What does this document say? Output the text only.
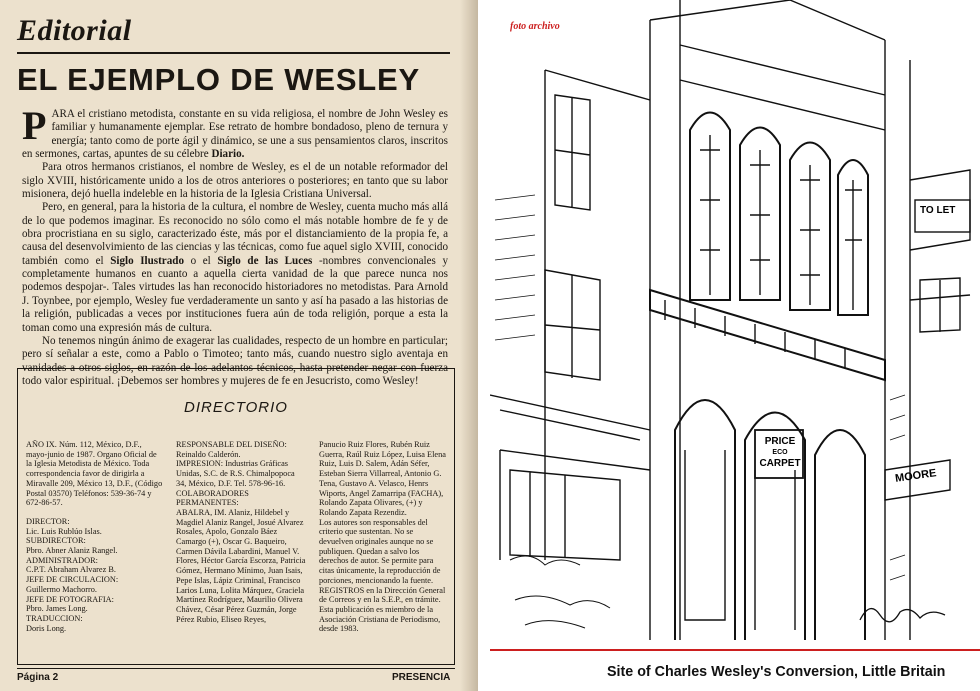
Editorial
EL EJEMPLO DE WESLEY

PARA el cristiano metodista, constante en su vida religiosa, el nombre de John Wesley es familiar y humanamente ejemplar. Ese retrato de hombre bondadoso, pleno de ternura y energía; tanto como de porte ágil y dinámico, se une a sus pensamientos claros, inscritos en sermones, cartas, apuntes de su célebre Diario.

Para otros hermanos cristianos, el nombre de Wesley, es el de un notable reformador del siglo XVIII, históricamente unido a los de otros anteriores o posteriores; en tanto que su labor misionera, dejó huella indeleble en la historia de la Iglesia Cristiana Universal.

Pero, en general, para la historia de la cultura, el nombre de Wesley, cuenta mucho más allá de lo que podemos imaginar. Es reconocido no sólo como el más notable hombre de fe y de obra procristiana en su siglo, caracterizado éste, más por el distanciamiento de la propia fe, a causa del desenvolvimiento de las ciencias y las técnicas, como fue aquel siglo XVIII, conocido también como el Siglo Ilustrado o el Siglo de las Luces -nombres convencionales y completamente humanos en cuanto a aquella cierta vanidad de la que parece nunca nos podemos despojar-. Tales virtudes las han reconocido historiadores no metodistas. Para Arnold J. Toynbee, por ejemplo, Wesley fue verdaderamente un santo y así ha pasado a las historias de la religión, publicadas a veces por instituciones fuera aún de toda religión, porque a esta la toman como una expresión más de cultura.

No tenemos ningún ánimo de exagerar las cualidades, respecto de un hombre en particular; pero sí señalar a este, como a Pablo o Timoteo; tanto más, cuando nuestro siglo aventaja en vanidades a otros siglos, en razón de los adelantos técnicos, hasta pretender negar con fuerza todo valor espiritual. ¡Debemos ser hombres y mujeres de fe en Jesucristo, como Wesley!

DIRECTORIO

AÑO IX. Núm. 112, México, D.F., mayo-junio de 1987. Organo Oficial de la Iglesia Metodista de México. Toda correspondencia favor de dirigirla a Miravalle 209, México 13, D.F., (Código Postal 03570) Teléfonos: 539-36-74 y 672-86-57.

DIRECTOR:
Lic. Luis Rublúo Islas.
SUBDIRECTOR:
Pbro. Abner Alaniz Rangel.
ADMINISTRADOR:
C.P.T. Abraham Alvarez B.
JEFE DE CIRCULACION:
Guillermo Machorro.
JEFE DE FOTOGRAFIA:
Pbro. James Long.
TRADUCCION:
Doris Long.
RESPONSABLE DEL DISEÑO:
Reinaldo Calderón.
IMPRESION: Industrias Gráficas Unidas, S.C. de R.S. Chimalpopoca 34, México, D.F. Tel. 578-96-16.
COLABORADORES PERMANENTES:
ABALRA, IM. Alaniz, Hildebel y Magdiel Alaniz Rangel, Josué Alvarez Rosales, Apolo, Gonzalo Báez Camargo (+), Oscar G. Baqueiro, Carmen Dávila Labardini, Manuel V. Flores, Héctor García Escorza, Patricia Gómez, Hermano Mínimo, Juan Isais, Pepe Islas, Lápiz Criminal, Francisco Larios Luna, Lolita Márquez, Graciela Martínez Rodríguez, Maurilio Olivera Chávez, César Pérez Guzmán, Jorge Pérez Rubio, Eliseo Reyes,
Panucio Ruiz Flores, Rubén Ruiz Guerra, Raúl Ruiz López, Luisa Elena Ruiz, Luis D. Salem, Adán Séfer, Esteban Sierra Villarreal, Antonio G. Tena, Gustavo A. Velasco, Henrs Wiports, Angel Zamarripa (FACHA), Rolando Zapata Olivares, (+) y Rolando Zapata Rezendiz.
Los autores son responsables del criterio que sustentan. No se devuelven originales aunque no se publiquen. Quedan a salvo los derechos de autor. Se permite para citas únicamente, la reproducción de porciones, mencionando la fuente.
REGISTROS en la Dirección General de Correos y en la S.E.P., en trámite. Esta publicación es miembro de la Asociación Cristiana de Periodismo, desde 1983.
Página 2	PRESENCIA
foto archivo
PRICE
ECO
CARPET
TO LET
MOORE
Site of Charles Wesley's Conversion, Little Britain
